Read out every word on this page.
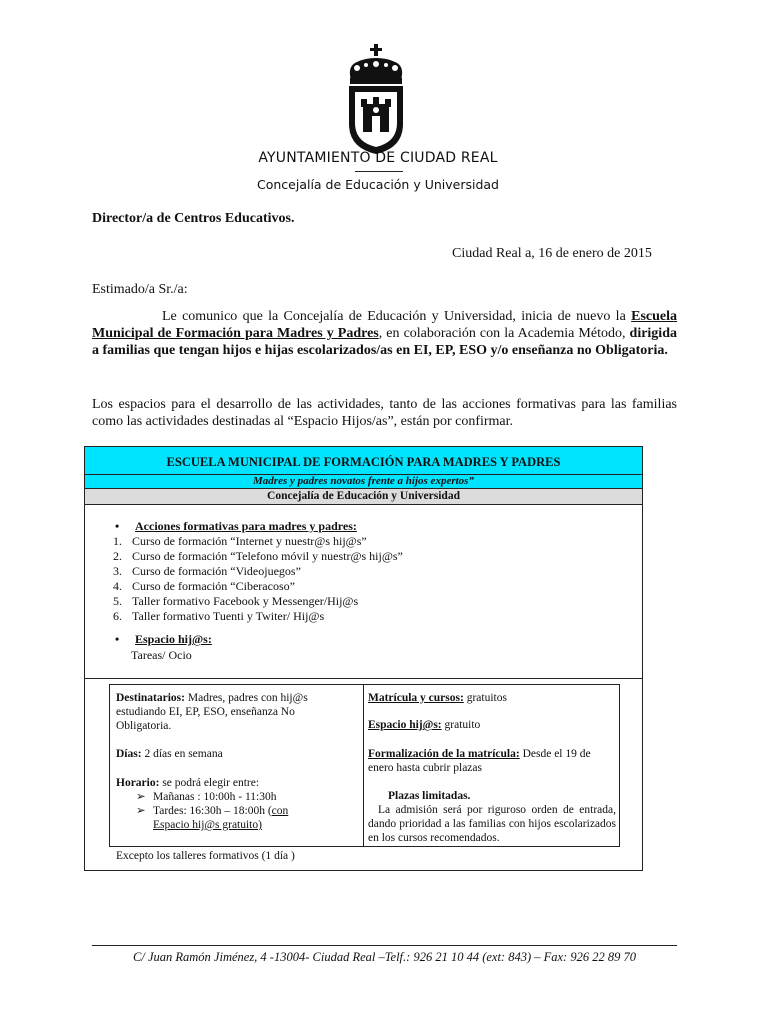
AYUNTAMIENTO DE CIUDAD REAL
Concejalía de Educación y Universidad
Director/a de Centros Educativos.
Ciudad Real a, 16 de enero de 2015
Estimado/a Sr./a:
Le comunico que la Concejalía de Educación y Universidad, inicia de nuevo la Escuela Municipal de Formación para Madres y Padres, en colaboración con la Academia Método, dirigida a familias que tengan hijos e hijas escolarizados/as en EI, EP, ESO y/o enseñanza no Obligatoria.
Los espacios para el desarrollo de las actividades, tanto de las acciones formativas para las familias como las actividades destinadas al “Espacio Hijos/as”, están por confirmar.
ESCUELA MUNICIPAL DE FORMACIÓN PARA MADRES Y PADRES
Madres y padres novatos frente a hijos expertos”
Concejalía de Educación y Universidad
• Acciones formativas para madres y padres:
1. Curso de formación “Internet y nuestr@s hij@s”
2. Curso de formación “Telefono móvil y nuestr@s hij@s”
3. Curso de formación “Videojuegos”
4. Curso de formación “Ciberacoso”
5. Taller formativo Facebook y Messenger/Hij@s
6. Taller formativo Tuenti y Twiter/ Hij@s
• Espacio hij@s:
Tareas/ Ocio
Destinatarios: Madres, padres con hij@s
estudiando EI, EP, ESO, enseñanza No
Obligatoria.
Días: 2 días en semana
Horario: se podrá elegir entre:
➢ Mañanas : 10:00h - 11:30h
➢ Tardes: 16:30h – 18:00h (con
Espacio hij@s gratuito)
Excepto los talleres formativos (1 día )
Matrícula y cursos: gratuitos
Espacio hij@s: gratuito
Formalización de la matrícula: Desde el 19 de
enero hasta cubrir plazas
Plazas limitadas.
La admisión será por riguroso orden de entrada, dando prioridad a las familias con hijos escolarizados en los cursos recomendados.
C/ Juan Ramón Jiménez, 4 -13004- Ciudad Real –Telf.: 926 21 10 44 (ext: 843) – Fax: 926 22 89 70
